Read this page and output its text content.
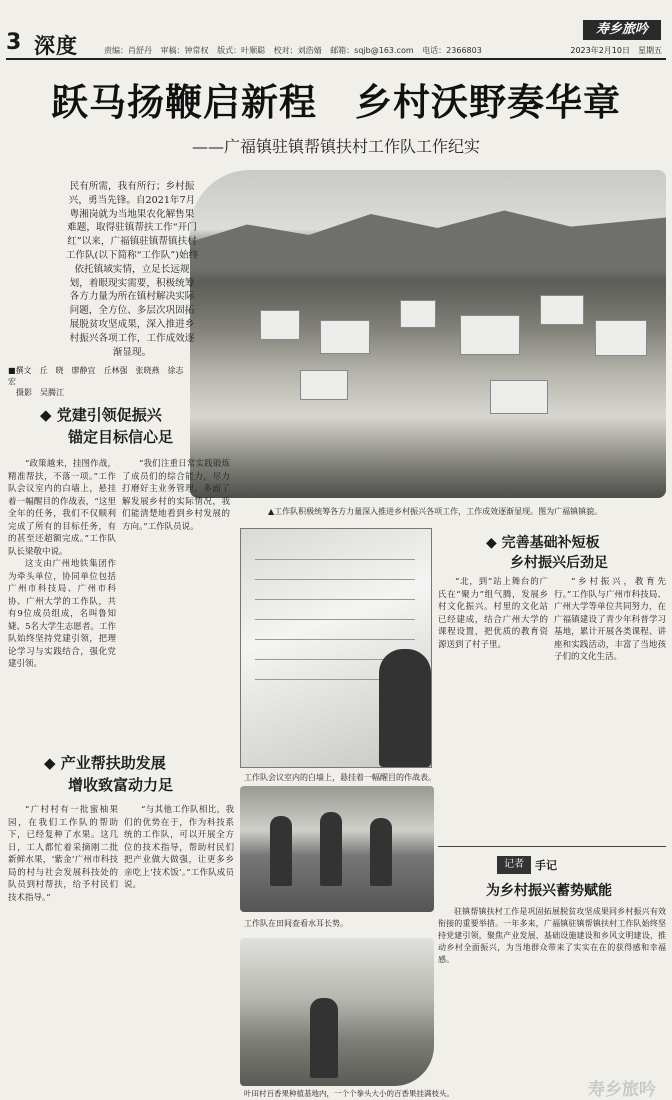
3 深度	责编：肖舒丹 审稿：钟常权 版式：叶顺聪 校对：刘浩婧 邮箱：sqjb@163.com 电话：2366803
寿乡旅吟
2023年2月10日　星期五
跃马扬鞭启新程　乡村沃野奏华章
——广福镇驻镇帮镇扶村工作队工作纪实

民有所需，我有所行；乡村振兴，勇当先锋。自2021年7月粤湘岗就为当地果农化解售果难题，取得驻镇帮扶工作“开门红”以来，广福镇驻镇帮镇扶村工作队(以下简称“工作队”)始终依托镇域实情，立足长远规划，着眼现实需要，积极统筹各方力量为所在镇村解决实际问题，全方位、多层次巩固拓展脱贫攻坚成果，深入推进乡村振兴各项工作，工作成效逐渐显现。

■撰文　丘　晓　廖静宜　丘林强　张晓燕　徐志宏
　摄影　吴腾江
▲工作队积极统筹各方力量深入推进乡村振兴各项工作，工作成效逐渐显现。图为广福镇镇貌。
◆ 党建引领促振兴
锚定目标信心足

“政策越来，挂图作战，精准帮扶，不落一项。”工作队会议室内的白墙上，悬挂着一幅醒目的作战表，“这里全年的任务，我们不仅顺利完成了所有的目标任务，有的甚至还超额完成。”工作队队长梁敬中说。

这支由广州地铁集团作为牵头单位，协同单位包括广州市科技局、广州市科协、广州大学的工作队，共有9位成员组成，名叫鲁知婕、5名大学生志愿者。工作队始终坚持党建引领，把理论学习与实践结合，强化党建引领。

“我们注重日常实践锻炼了成员们的综合能力，尽力打磨好主业务管理，多面了解发展乡村的实际情况，我们能清楚地看到乡村发展的方向。”工作队员说。

工作队会议室内的白墙上，悬挂着一幅醒目的作战表。
◆ 完善基础补短板
乡村振兴后劲足

“北，到”站上舞台的广氏在“聚力”组气腾，发展乡村文化振兴。村里的文化站已经建成，结合广州大学的课程设置，把优质的教育资源送到了村子里。

“乡村振兴，教育先行。”工作队与广州市科技局、广州大学等单位共同努力，在广福镇建设了青少年科普学习基地，累计开展各类课程、讲座和实践活动，丰富了当地孩子们的文化生活。

◆ 产业帮扶助发展
增收致富动力足

“广村村有一批蜜柚果园，在我们工作队的帮助下，已经复种了水果。这几日，工人都忙着采摘刚二批新鲜水果，‘紫金’广州市科技局的村与社会发展科技处的队员到村帮扶，给予村民们技术指导。”

“与其他工作队相比，我们的优势在于，作为科技系统的工作队，可以开展全方位的技术指导，帮助村民们把产业做大做强，让更多乡亲吃上‘技术饭’。”工作队成员说。

工作队在田间查看水耳长势。
叶田村百香果种植基地内，一个个拳头大小的百香果挂满枝头。
记者	手记
为乡村振兴蓄势赋能

驻镇帮镇扶村工作是巩固拓展脱贫攻坚成果同乡村振兴有效衔接的重要举措。一年多来，广福镇驻镇帮镇扶村工作队始终坚持党建引领，聚焦产业发展、基础设施建设和乡风文明建设，推动乡村全面振兴，为当地群众带来了实实在在的获得感和幸福感。

寿乡旅吟
